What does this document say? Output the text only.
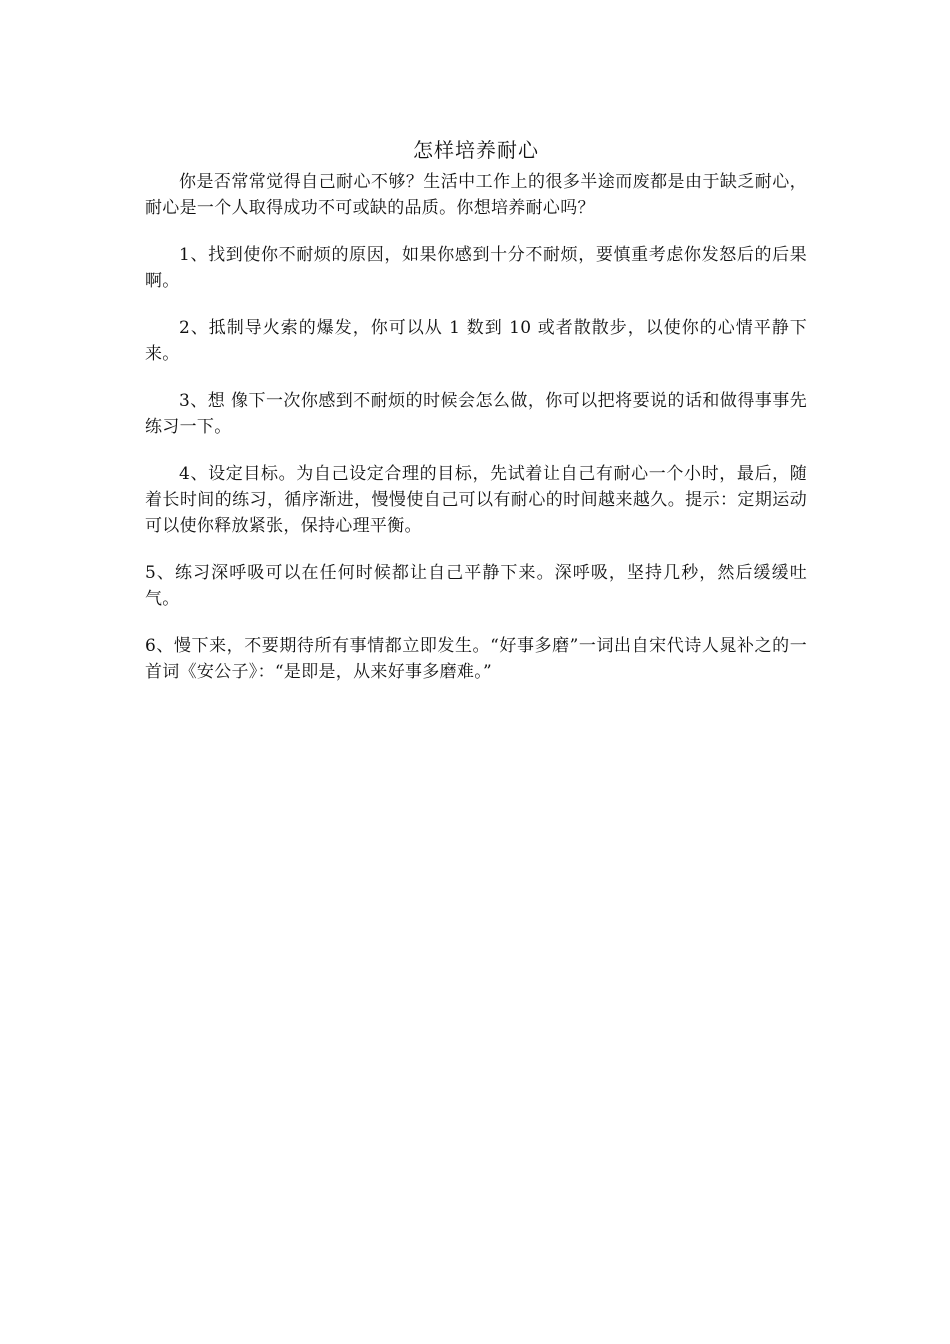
怎样培养耐心

你是否常常觉得自己耐心不够？生活中工作上的很多半途而废都是由于缺乏耐心，耐心是一个人取得成功不可或缺的品质。你想培养耐心吗？

1、找到使你不耐烦的原因，如果你感到十分不耐烦，要慎重考虑你发怒后的后果啊。

2、抵制导火索的爆发，你可以从 1 数到 10 或者散散步，以使你的心情平静下来。

3、想 像下一次你感到不耐烦的时候会怎么做，你可以把将要说的话和做得事事先练习一下。

4、设定目标。为自己设定合理的目标，先试着让自己有耐心一个小时，最后，随着长时间的练习，循序渐进，慢慢使自己可以有耐心的时间越来越久。提示：定期运动可以使你释放紧张，保持心理平衡。

5、练习深呼吸可以在任何时候都让自己平静下来。深呼吸，坚持几秒，然后缓缓吐气。

6、慢下来，不要期待所有事情都立即发生。“好事多磨”一词出自宋代诗人晁补之的一首词《安公子》：“是即是，从来好事多磨难。”
